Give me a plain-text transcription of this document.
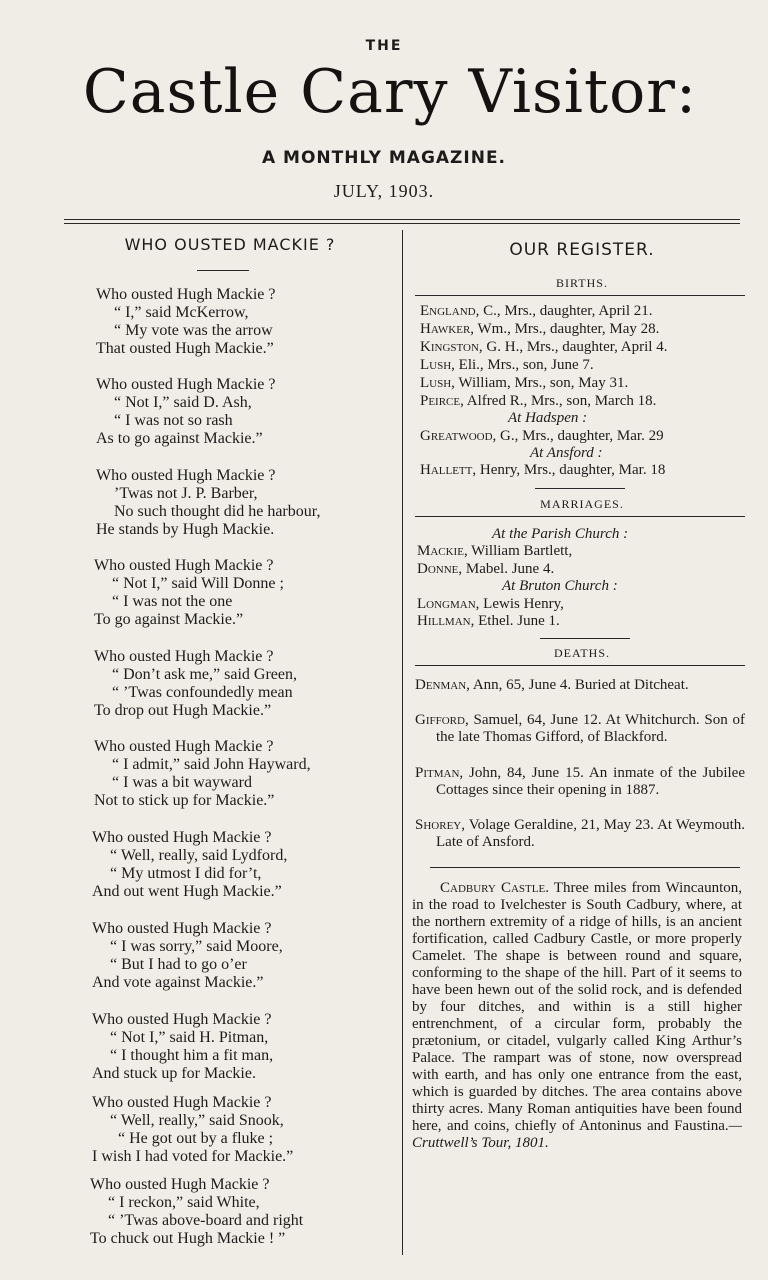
THE
Castle Cary Visitor:
A MONTHLY MAGAZINE.
JULY, 1903.
WHO OUSTED MACKIE ?
Who ousted Hugh Mackie ?
“ I,” said McKerrow,
“ My vote was the arrow
That ousted Hugh Mackie.”
Who ousted Hugh Mackie ?
“ Not I,” said D. Ash,
“ I was not so rash
As to go against Mackie.”
Who ousted Hugh Mackie ?
’Twas not J. P. Barber,
No such thought did he harbour,
He stands by Hugh Mackie.
Who ousted Hugh Mackie ?
“ Not I,” said Will Donne ;
“ I was not the one
To go against Mackie.”
Who ousted Hugh Mackie ?
“ Don’t ask me,” said Green,
“ ’Twas confoundedly mean
To drop out Hugh Mackie.”
Who ousted Hugh Mackie ?
“ I admit,” said John Hayward,
“ I was a bit wayward
Not to stick up for Mackie.”
Who ousted Hugh Mackie ?
“ Well, really, said Lydford,
“ My utmost I did for’t,
And out went Hugh Mackie.”
Who ousted Hugh Mackie ?
“ I was sorry,” said Moore,
“ But I had to go o’er
And vote against Mackie.”
Who ousted Hugh Mackie ?
“ Not I,” said H. Pitman,
“ I thought him a fit man,
And stuck up for Mackie.
Who ousted Hugh Mackie ?
“ Well, really,” said Snook,
“ He got out by a fluke ;
I wish I had voted for Mackie.”
Who ousted Hugh Mackie ?
“ I reckon,” said White,
“ ’Twas above-board and right
To chuck out Hugh Mackie ! ”
OUR REGISTER.
BIRTHS.
England, C., Mrs., daughter, April 21.
Hawker, Wm., Mrs., daughter, May 28.
Kingston, G. H., Mrs., daughter, April 4.
Lush, Eli., Mrs., son, June 7.
Lush, William, Mrs., son, May 31.
Peirce, Alfred R., Mrs., son, March 18.
At Hadspen :
Greatwood, G., Mrs., daughter, Mar. 29
At Ansford :
Hallett, Henry, Mrs., daughter, Mar. 18
MARRIAGES.
At the Parish Church :
Mackie, William Bartlett,
Donne, Mabel. June 4.
At Bruton Church :
Longman, Lewis Henry,
Hillman, Ethel. June 1.
DEATHS.
Denman, Ann, 65, June 4. Buried at Ditcheat.
Gifford, Samuel, 64, June 12. At Whitchurch. Son of the late Thomas Gifford, of Blackford.
Pitman, John, 84, June 15. An inmate of the Jubilee Cottages since their opening in 1887.
Shorey, Volage Geraldine, 21, May 23. At Weymouth. Late of Ansford.
Cadbury Castle. Three miles from Wincaunton, in the road to Ivelchester is South Cadbury, where, at the northern extremity of a ridge of hills, is an ancient fortification, called Cadbury Castle, or more properly Camelet. The shape is between round and square, conforming to the shape of the hill. Part of it seems to have been hewn out of the solid rock, and is defended by four ditches, and within is a still higher entrenchment, of a circular form, probably the prætonium, or citadel, vulgarly called King Arthur’s Palace. The rampart was of stone, now overspread with earth, and has only one entrance from the east, which is guarded by ditches. The area contains above thirty acres. Many Roman antiquities have been found here, and coins, chiefly of Antoninus and Faustina.—Cruttwell’s Tour, 1801.
